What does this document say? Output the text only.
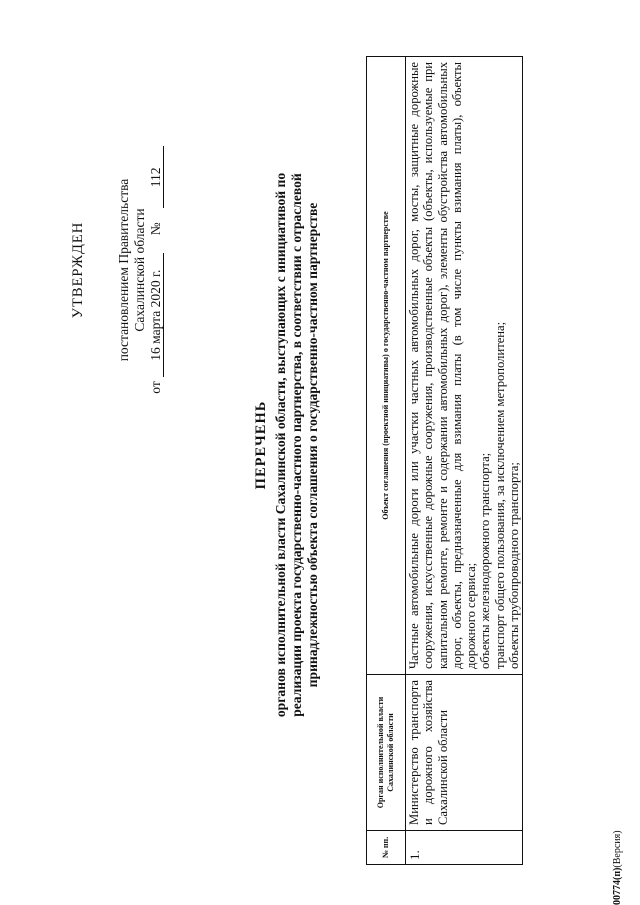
УТВЕРЖДЕН постановлением Правительства Сахалинской области
от
16 марта 2020 г.
№
112
ПЕРЕЧЕНЬ органов исполнительной власти Сахалинской области, выступающих с инициативой по реализации проекта государственно-частного партнерства, в соответствии с отраслевой принадлежностью объекта соглашения о государственно-частном партнерстве
№ пп.	Орган исполнительной власти Сахалинской области	Объект соглашения (проектной инициативы) о государственно-частном партнерстве
1.	Министерство транспорта и дорожного хозяйства Сахалинской области	Частные автомобильные дороги или участки частных автомобильных дорог, мосты, защитные дорожные сооружения, искусственные дорожные сооружения, производственные объекты (объекты, используемые при капитальном ремонте, ремонте и содержании автомобильных дорог), элементы обустройства автомобильных дорог, объекты, предназначенные для взимания платы (в том числе пункты взимания платы), объекты дорожного сервиса; объекты железнодорожного транспорта; транспорт общего пользования, за исключением метрополитена; объекты трубопроводного транспорта;
00774(п)(Версия)
